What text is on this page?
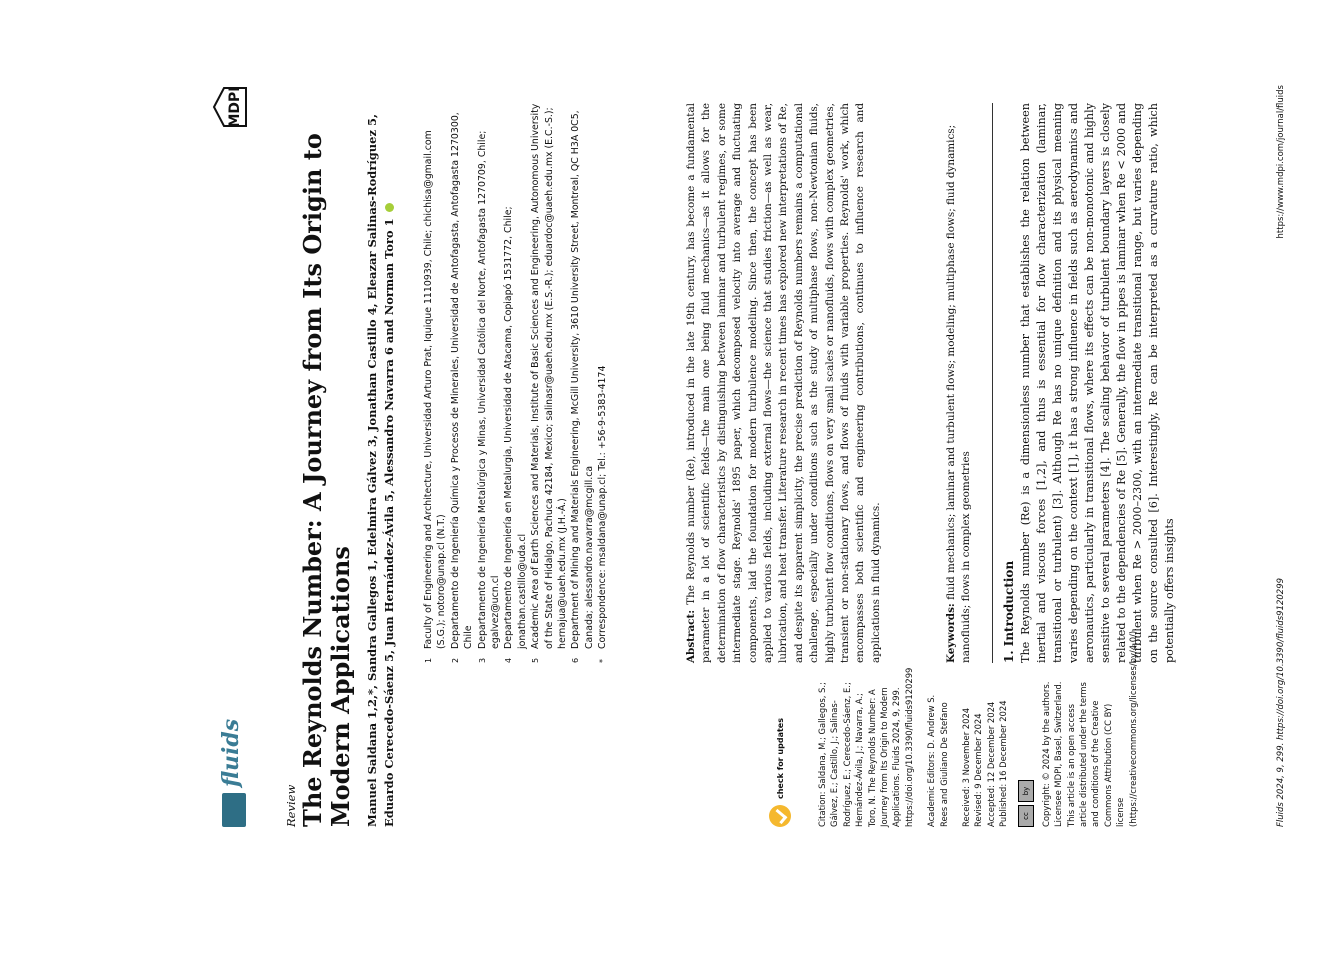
fluids
MDPI
Review The Reynolds Number: A Journey from Its Origin to Modern Applications Manuel Saldana 1,2,*, Sandra Gallegos 1, Edelmira Gálvez 3, Jonathan Castillo 4, Eleazar Salinas-Rodríguez 5, Eduardo Cerecedo-Sáenz 5, Juan Hernández-Ávila 5, Alessandro Navarra 6 and Norman Toro 1	1
Faculty of Engineering and Architecture, Universidad Arturo Prat, Iquique 1110939, Chile; chichisa@gmail.com (S.G.); notoro@unap.cl (N.T.)
2
Departamento de Ingeniería Química y Procesos de Minerales, Universidad de Antofagasta, Antofagasta 1270300, Chile
3
Departamento de Ingeniería Metalúrgica y Minas, Universidad Católica del Norte, Antofagasta 1270709, Chile; egalvez@ucn.cl
4
Departamento de Ingeniería en Metalurgia, Universidad de Atacama, Copiapó 1531772, Chile; jonathan.castillo@uda.cl
5
Academic Area of Earth Sciences and Materials, Institute of Basic Sciences and Engineering, Autonomous University of the State of Hidalgo, Pachuca 42184, Mexico; salinasr@uaeh.edu.mx (E.S.-R.); eduardoc@uaeh.edu.mx (E.C.-S.); hernajua@uaeh.edu.mx (J.H.-Á.)
6
Department of Mining and Materials Engineering, McGill University, 3610 University Street, Montreal, QC H3A 0C5, Canada; alessandro.navarra@mcgill.ca
*
Correspondence: msaldana@unap.cl; Tel.: +56-9-5383-4174
check for updates	Citation: Saldana, M.; Gallegos, S.; Gálvez, E.; Castillo, J.; Salinas-Rodríguez, E.; Cerecedo-Sáenz, E.; Hernández-Ávila, J.; Navarra, A.; Toro, N. The Reynolds Number: A Journey from Its Origin to Modern Applications. Fluids 2024, 9, 299. https://doi.org/10.3390/fluids9120299 Academic Editors: D. Andrew S. Rees and Giuliano De Stefano Received: 3 November 2024 Revised: 9 December 2024 Accepted: 12 December 2024 Published: 16 December 2024	cc
by	Copyright: © 2024 by the authors. Licensee MDPI, Basel, Switzerland. This article is an open access article distributed under the terms and conditions of the Creative Commons Attribution (CC BY) license (https://creativecommons.org/licenses/by/4.0/).
Abstract: The Reynolds number (Re), introduced in the late 19th century, has become a fundamental parameter in a lot of scientific fields—the main one being fluid mechanics—as it allows for the determination of flow characteristics by distinguishing between laminar and turbulent regimes, or some intermediate stage. Reynolds' 1895 paper, which decomposed velocity into average and fluctuating components, laid the foundation for modern turbulence modeling. Since then, the concept has been applied to various fields, including external flows—the science that studies friction—as well as wear, lubrication, and heat transfer. Literature research in recent times has explored new interpretations of Re, and despite its apparent simplicity, the precise prediction of Reynolds numbers remains a computational challenge, especially under conditions such as the study of multiphase flows, non-Newtonian fluids, highly turbulent flow conditions, flows on very small scales or nanofluids, flows with complex geometries, transient or non-stationary flows, and flows of fluids with variable properties. Reynolds' work, which encompasses both scientific and engineering contributions, continues to influence research and applications in fluid dynamics.	Keywords: fluid mechanics; laminar and turbulent flows; modeling; multiphase flows; fluid dynamics; nanofluids; flows in complex geometries 1. Introduction The Reynolds number (Re) is a dimensionless number that establishes the relation between inertial and viscous forces [1,2], and thus is essential for flow characterization (laminar, transitional or turbulent) [3]. Although Re has no unique definition and its physical meaning varies depending on the context [1], it has a strong influence in fields such as aerodynamics and aeronautics, particularly in transitional flows, where its effects can be non-monotonic and highly sensitive to several parameters [4]. The scaling behavior of turbulent boundary layers is closely related to the dependencies of Re [5]. Generally, the flow in pipes is laminar when Re < 2000 and turbulent when Re > 2000–2300, with an intermediate transitional range, but varies depending on the source consulted [6]. Interestingly, Re can be interpreted as a curvature ratio, which potentially offers insights	Fluids 2024, 9, 299. https://doi.org/10.3390/fluids9120299
https://www.mdpi.com/journal/fluids
